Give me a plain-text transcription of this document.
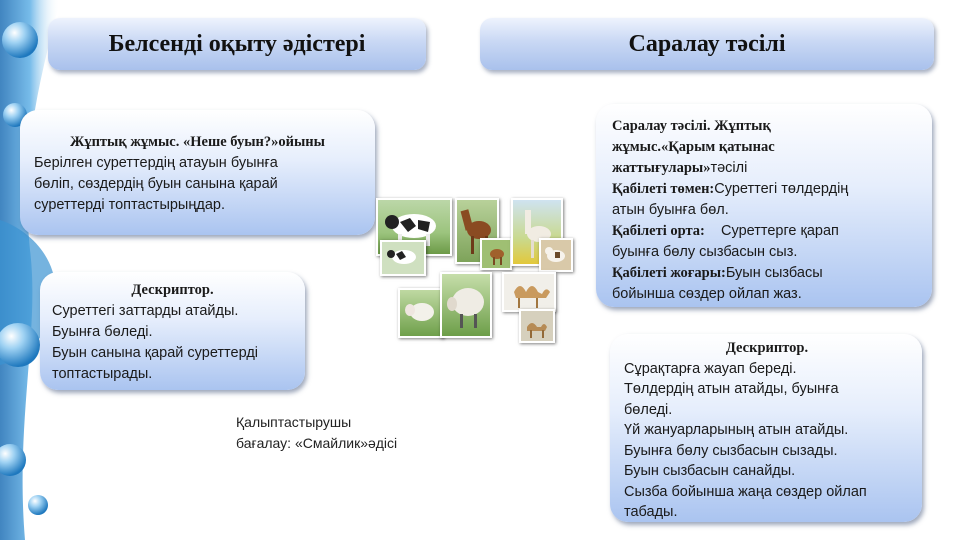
Белсенді оқыту әдістері	Саралау тәсілі
Жұптық жұмыс. «Неше буын?»ойыны
Берілген суреттердің атауын буынға
бөліп, сөздердің буын санына қарай
суреттерді топтастырыңдар.
Дескриптор.
Суреттегі заттарды атайды.
Буынға бөледі.
Буын санына қарай суреттерді
топтастырады.
Қалыптастырушы
бағалау: «Смайлик»әдісі
Саралау тәсілі. Жұптық
жұмыс.«Қарым қатынас
жаттығулары»тәсілі
Қабілеті төмен:Суреттегі төлдердің
атын буынға бөл.
Қабілеті орта:    Суреттерге қарап
буынға бөлу сызбасын сыз.
Қабілеті жоғары:Буын сызбасы
бойынша сөздер ойлап жаз.
Дескриптор.
Сұрақтарға жауап береді.
Төлдердің атын атайды, буынға
бөледі.
Үй жануарларының атын атайды.
Буынға бөлу сызбасын сызады.
Буын сызбасын санайды.
Сызба бойынша жаңа сөздер ойлап
табады.
